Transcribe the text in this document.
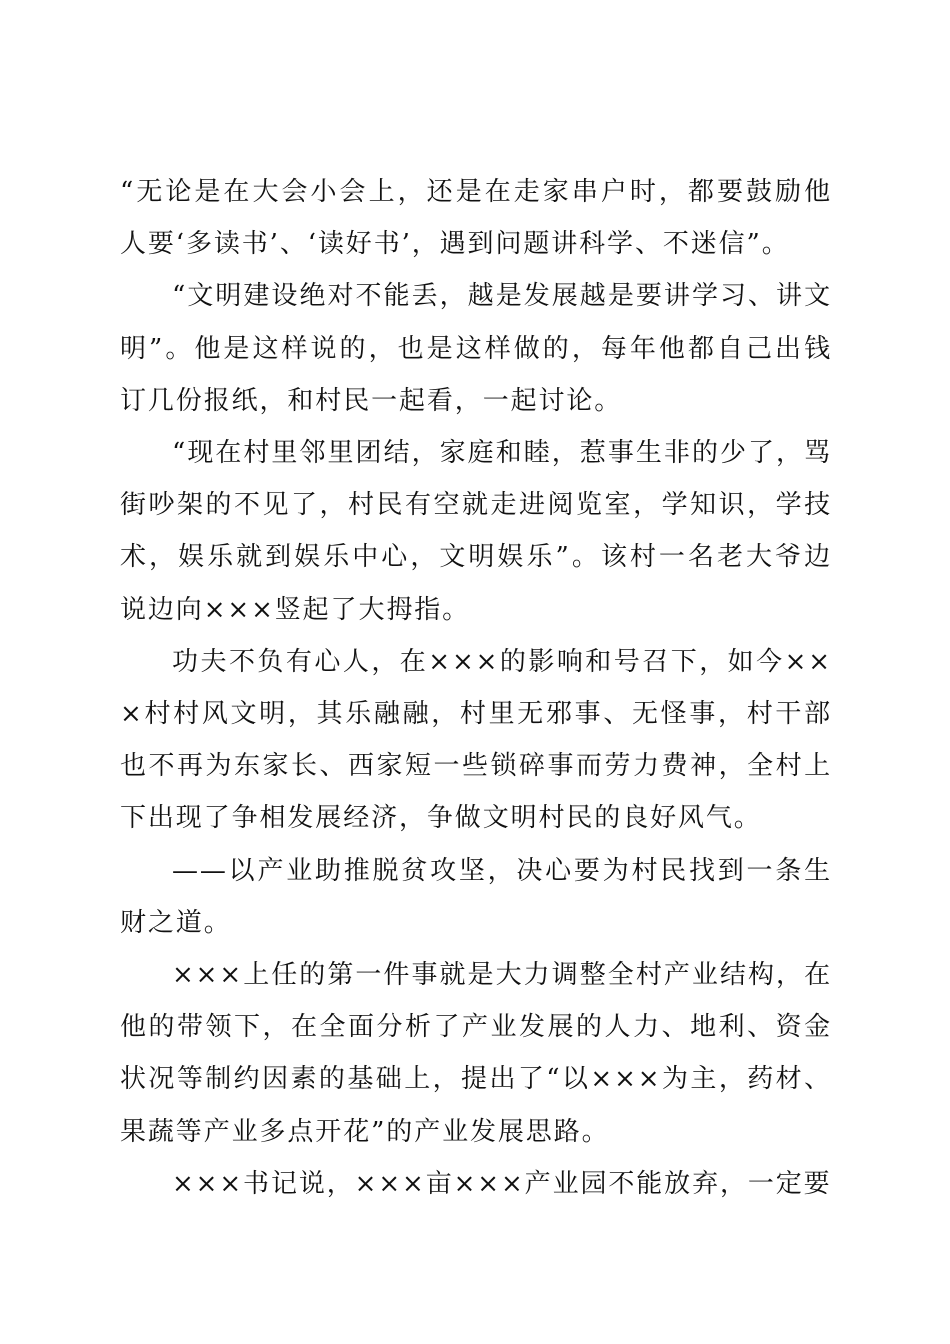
“无论是在大会小会上，还是在走家串户时，都要鼓励他人要‘多读书’、‘读好书’，遇到问题讲科学、不迷信”。

“文明建设绝对不能丢，越是发展越是要讲学习、讲文明”。他是这样说的，也是这样做的，每年他都自己出钱订几份报纸，和村民一起看，一起讨论。

“现在村里邻里团结，家庭和睦，惹事生非的少了，骂街吵架的不见了，村民有空就走进阅览室，学知识，学技术，娱乐就到娱乐中心，文明娱乐”。该村一名老大爷边说边向×××竖起了大拇指。

功夫不负有心人，在×××的影响和号召下，如今×××村村风文明，其乐融融，村里无邪事、无怪事，村干部也不再为东家长、西家短一些锁碎事而劳力费神，全村上下出现了争相发展经济，争做文明村民的良好风气。

——以产业助推脱贫攻坚，决心要为村民找到一条生财之道。

×××上任的第一件事就是大力调整全村产业结构，在他的带领下，在全面分析了产业发展的人力、地利、资金状况等制约因素的基础上，提出了“以×××为主，药材、果蔬等产业多点开花”的产业发展思路。

×××书记说，×××亩×××产业园不能放弃，一定要
